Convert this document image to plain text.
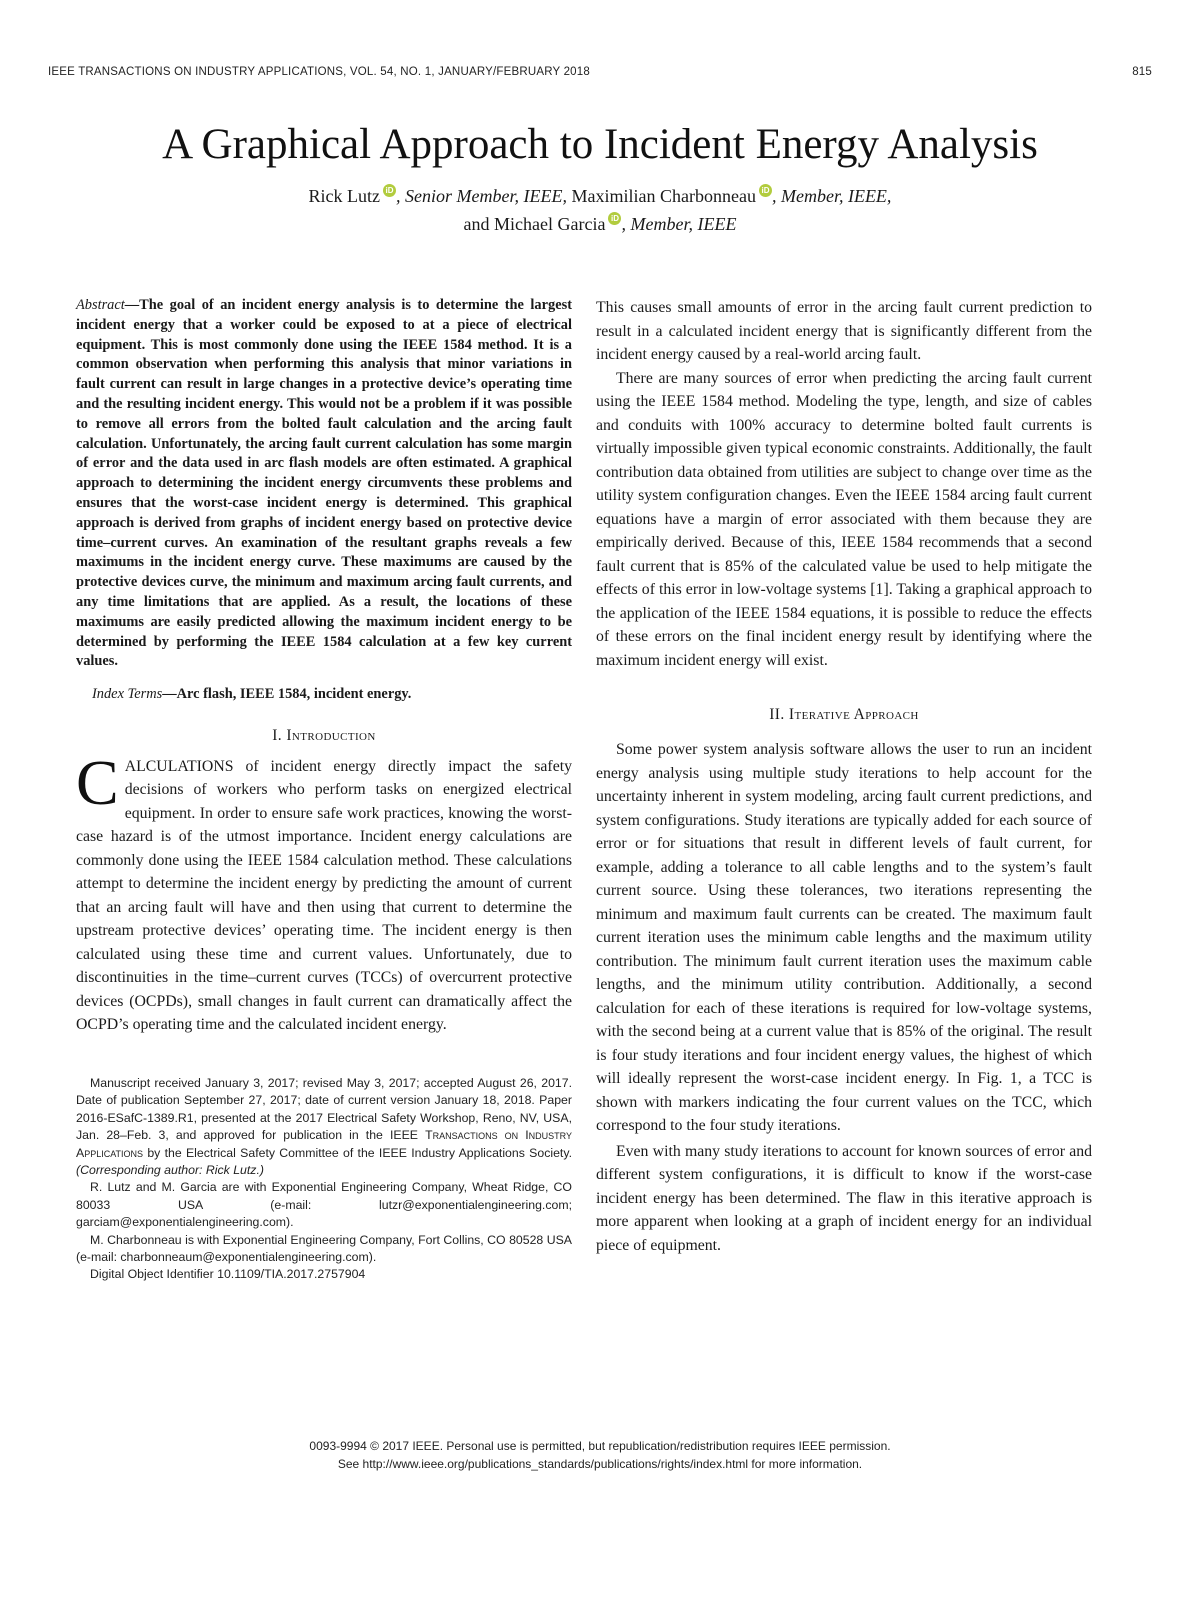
IEEE TRANSACTIONS ON INDUSTRY APPLICATIONS, VOL. 54, NO. 1, JANUARY/FEBRUARY 2018	815
A Graphical Approach to Incident Energy Analysis
Rick Lutz iD , Senior Member, IEEE, Maximilian Charbonneau iD , Member, IEEE,
and Michael Garcia iD , Member, IEEE

Abstract—The goal of an incident energy analysis is to determine the largest incident energy that a worker could be exposed to at a piece of electrical equipment. This is most commonly done using the IEEE 1584 method. It is a common observation when performing this analysis that minor variations in fault current can result in large changes in a protective device’s operating time and the resulting incident energy. This would not be a problem if it was possible to remove all errors from the bolted fault calculation and the arcing fault calculation. Unfortunately, the arcing fault current calculation has some margin of error and the data used in arc flash models are often estimated. A graphical approach to determining the incident energy circumvents these problems and ensures that the worst-case incident energy is determined. This graphical approach is derived from graphs of incident energy based on protective device time–current curves. An examination of the resultant graphs reveals a few maximums in the incident energy curve. These maximums are caused by the protective devices curve, the minimum and maximum arcing fault currents, and any time limitations that are applied. As a result, the locations of these maximums are easily predicted allowing the maximum incident energy to be determined by performing the IEEE 1584 calculation at a few key current values.

Index Terms—Arc flash, IEEE 1584, incident energy.

I. Introduction

CALCULATIONS of incident energy directly impact the safety decisions of workers who perform tasks on energized electrical equipment. In order to ensure safe work practices, knowing the worst-case hazard is of the utmost importance. Incident energy calculations are commonly done using the IEEE 1584 calculation method. These calculations attempt to determine the incident energy by predicting the amount of current that an arcing fault will have and then using that current to determine the upstream protective devices’ operating time. The incident energy is then calculated using these time and current values. Unfortunately, due to discontinuities in the time–current curves (TCCs) of overcurrent protective devices (OCPDs), small changes in fault current can dramatically affect the OCPD’s operating time and the calculated incident energy.

Manuscript received January 3, 2017; revised May 3, 2017; accepted August 26, 2017. Date of publication September 27, 2017; date of current version January 18, 2018. Paper 2016-ESafC-1389.R1, presented at the 2017 Electrical Safety Workshop, Reno, NV, USA, Jan. 28–Feb. 3, and approved for publication in the IEEE Transactions on Industry Applications by the Electrical Safety Committee of the IEEE Industry Applications Society. (Corresponding author: Rick Lutz.)

R. Lutz and M. Garcia are with Exponential Engineering Company, Wheat Ridge, CO 80033 USA (e-mail: lutzr@exponentialengineering.com; garciam@exponentialengineering.com).

M. Charbonneau is with Exponential Engineering Company, Fort Collins, CO 80528 USA (e-mail: charbonneaum@exponentialengineering.com).

Digital Object Identifier 10.1109/TIA.2017.2757904

This causes small amounts of error in the arcing fault current prediction to result in a calculated incident energy that is significantly different from the incident energy caused by a real-world arcing fault.

There are many sources of error when predicting the arcing fault current using the IEEE 1584 method. Modeling the type, length, and size of cables and conduits with 100% accuracy to determine bolted fault currents is virtually impossible given typical economic constraints. Additionally, the fault contribution data obtained from utilities are subject to change over time as the utility system configuration changes. Even the IEEE 1584 arcing fault current equations have a margin of error associated with them because they are empirically derived. Because of this, IEEE 1584 recommends that a second fault current that is 85% of the calculated value be used to help mitigate the effects of this error in low-voltage systems [1]. Taking a graphical approach to the application of the IEEE 1584 equations, it is possible to reduce the effects of these errors on the final incident energy result by identifying where the maximum incident energy will exist.

II. Iterative Approach

Some power system analysis software allows the user to run an incident energy analysis using multiple study iterations to help account for the uncertainty inherent in system modeling, arcing fault current predictions, and system configurations. Study iterations are typically added for each source of error or for situations that result in different levels of fault current, for example, adding a tolerance to all cable lengths and to the system’s fault current source. Using these tolerances, two iterations representing the minimum and maximum fault currents can be created. The maximum fault current iteration uses the minimum cable lengths and the maximum utility contribution. The minimum fault current iteration uses the maximum cable lengths, and the minimum utility contribution. Additionally, a second calculation for each of these iterations is required for low-voltage systems, with the second being at a current value that is 85% of the original. The result is four study iterations and four incident energy values, the highest of which will ideally represent the worst-case incident energy. In Fig. 1, a TCC is shown with markers indicating the four current values on the TCC, which correspond to the four study iterations.

Even with many study iterations to account for known sources of error and different system configurations, it is difficult to know if the worst-case incident energy has been determined. The flaw in this iterative approach is more apparent when looking at a graph of incident energy for an individual piece of equipment.

0093-9994 © 2017 IEEE. Personal use is permitted, but republication/redistribution requires IEEE permission.
See http://www.ieee.org/publications_standards/publications/rights/index.html for more information.
